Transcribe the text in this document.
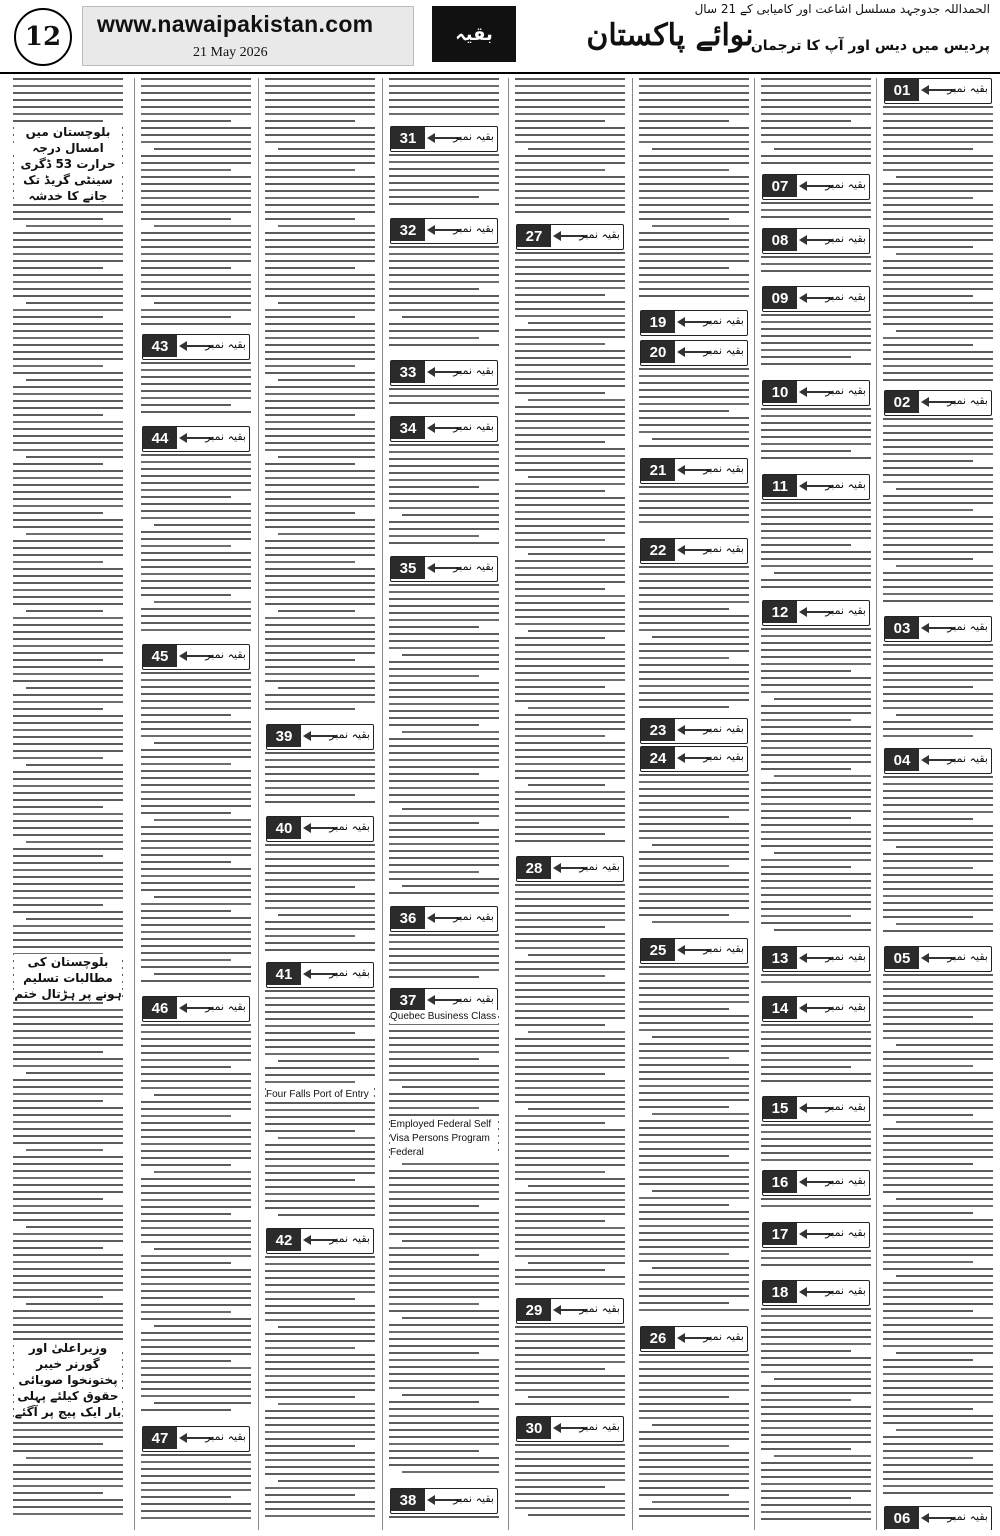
12	www.nawaipakistan.com
21 May 2026
بقیہ	نوائے پاکستان
الحمداللہ جدوجہد مسلسل اشاعت اور کامیابی کے 21 سال
پردیس میں دیس اور آپ کا ترجمان
01	بقیہ نمبر
02	بقیہ نمبر
03	بقیہ نمبر
04	بقیہ نمبر
05	بقیہ نمبر
06	بقیہ نمبر
07	بقیہ نمبر
08	بقیہ نمبر
09	بقیہ نمبر
10	بقیہ نمبر
11	بقیہ نمبر
12	بقیہ نمبر
13	بقیہ نمبر
14	بقیہ نمبر
15	بقیہ نمبر
16	بقیہ نمبر
17	بقیہ نمبر
18	بقیہ نمبر
19	بقیہ نمبر
20	بقیہ نمبر
21	بقیہ نمبر
22	بقیہ نمبر
23	بقیہ نمبر
24	بقیہ نمبر
25	بقیہ نمبر
26	بقیہ نمبر
27	بقیہ نمبر
28	بقیہ نمبر
29	بقیہ نمبر
30	بقیہ نمبر
31	بقیہ نمبر
32	بقیہ نمبر
33	بقیہ نمبر
34	بقیہ نمبر
35	بقیہ نمبر
36	بقیہ نمبر
37	بقیہ نمبر
38	بقیہ نمبر
Quebec Business Class
Employed Federal Self Visa Persons Program Federal
39	بقیہ نمبر
40	بقیہ نمبر
41	بقیہ نمبر
42	بقیہ نمبر
Four Falls Port of Entry
43	بقیہ نمبر
44	بقیہ نمبر
45	بقیہ نمبر
46	بقیہ نمبر
47	بقیہ نمبر
بلوچستان میں امسال درجہ حرارت 53 ڈگری سینٹی گریڈ تک جانے کا خدشہ
بلوچستان کی مطالبات تسلیم ہونے پر ہڑتال ختم
وزیراعلیٰ اور گورنر خیبر پختونخوا صوبائی حقوق کیلئے پہلی بار ایک پیج پر آگئے
